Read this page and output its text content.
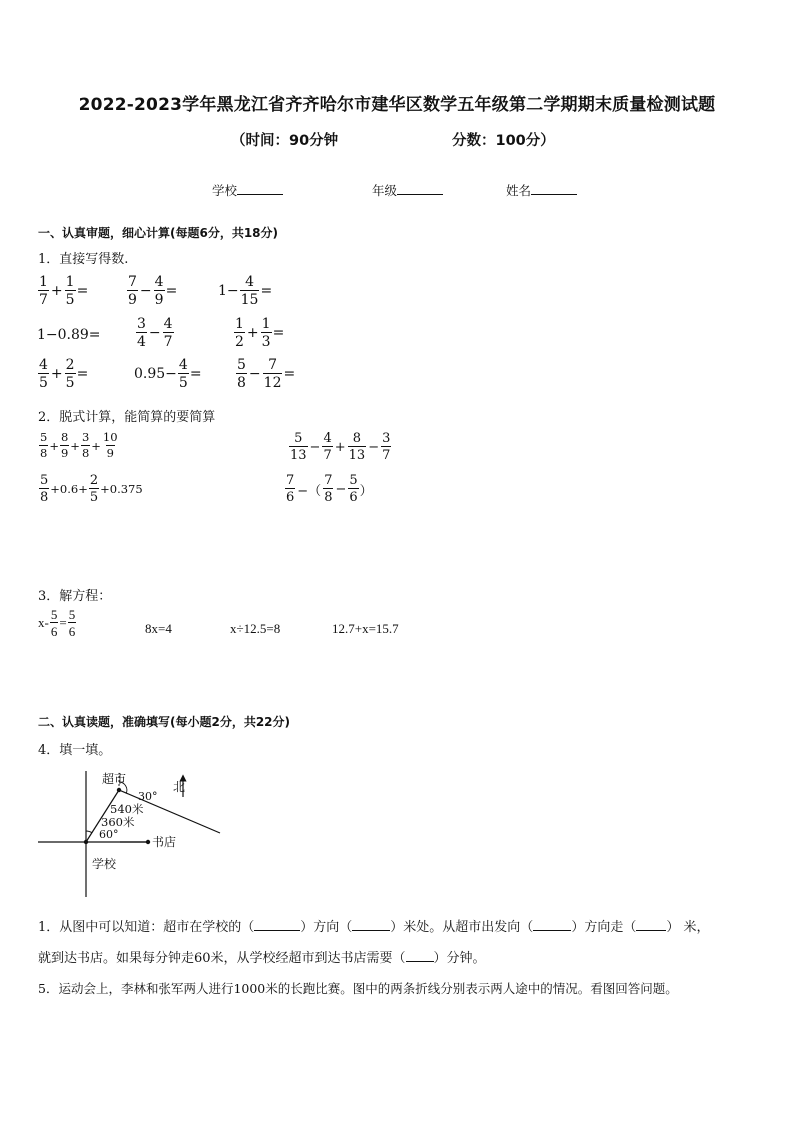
2022-2023学年黑龙江省齐齐哈尔市建华区数学五年级第二学期期末质量检测试题
（时间：90分钟	分数：100分）
学校	年级	姓名
一、认真审题，细心计算(每题6分，共18分)
1．直接写得数.
1
7
+ $\frac{1}{5}$ =
7
9
− $\frac{4}{9}$ =	$1- \frac{4}{15}$ =
1−0.89=
3
4
− $\frac{4}{7}$	1
2
+ $\frac{1}{3}$ =
4
5
+ $\frac{2}{5}$ =	$0.95- \frac{4}{5}$ =
5
8
− $\frac{7}{12}$ =
2．脱式计算，能简算的要简算
5
$8 + \frac{8}{9} + \frac{3}{8} + \frac{10}{9}$	5
13
− $\frac{4}{7} + \frac{8}{13} - \frac{3}{7}$
5
8
$+0.6+ \frac{2}{5} +0.375$
7
6 −（
7
8
− $\frac{5}{6}$ ）
3．解方程：
$x- \frac{5}{6} = \frac{5}{6}$	8x=4	x÷12.5=8	12.7+x=15.7
二、认真读题，准确填写(每小题2分，共22分)
4．填一填。
超市
北
30°
540米
360米
60°
书店
学校
1．从图中可以知道：超市在学校的（	）方向（	）米处。从超市出发向（	）方向走（ ） 米，
就到达书店。如果每分钟走60米，从学校经超市到达书店需要（ ）分钟。
5．运动会上，李林和张军两人进行1000米的长跑比赛。图中的两条折线分别表示两人途中的情况。看图回答问题。
